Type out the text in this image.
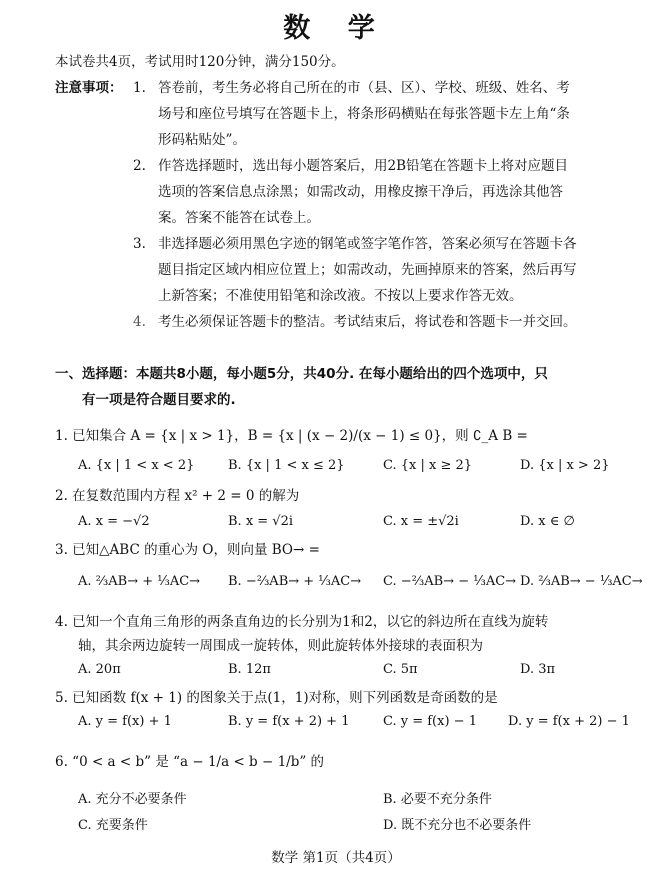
数 学
本试卷共4页，考试用时120分钟，满分150分。
注意事项： 1. 答卷前，考生务必将自己所在的市（县、区）、学校、班级、姓名、考
场号和座位号填写在答题卡上，将条形码横贴在每张答题卡左上角“条
形码粘贴处”。
2. 作答选择题时，选出每小题答案后，用2B铅笔在答题卡上将对应题目
选项的答案信息点涂黑；如需改动，用橡皮擦干净后，再选涂其他答
案。答案不能答在试卷上。
3. 非选择题必须用黑色字迹的钢笔或签字笔作答，答案必须写在答题卡各
题目指定区域内相应位置上；如需改动，先画掉原来的答案，然后再写
上新答案；不准使用铅笔和涂改液。不按以上要求作答无效。
4. 考生必须保证答题卡的整洁。考试结束后，将试卷和答题卡一并交回。
一、选择题：本题共8小题，每小题5分，共40分. 在每小题给出的四个选项中，只
有一项是符合题目要求的.
1. 已知集合 A = {x | x > 1}，B = {x | (x − 2)/(x − 1) ≤ 0}，则 ∁_A B =
A. {x | 1 < x < 2}	B. {x | 1 < x ≤ 2}	C. {x | x ≥ 2}	D. {x | x > 2}
2. 在复数范围内方程 x² + 2 = 0 的解为
A. x = −√2	B. x = √2i	C. x = ±√2i	D. x ∈ ∅
3. 已知△ABC 的重心为 O，则向量 BO→ =
A. ⅔AB→ + ⅓AC→ B. −⅔AB→ + ⅓AC→ C. −⅔AB→ − ⅓AC→ D. ⅔AB→ − ⅓AC→
4. 已知一个直角三角形的两条直角边的长分别为1和2，以它的斜边所在直线为旋转
轴，其余两边旋转一周围成一旋转体，则此旋转体外接球的表面积为
A. 20π	B. 12π	C. 5π	D. 3π
5. 已知函数 f(x + 1) 的图象关于点(1，1)对称，则下列函数是奇函数的是
A. y = f(x) + 1	B. y = f(x + 2) + 1	C. y = f(x) − 1 D. y = f(x + 2) − 1
6. “0 < a < b” 是 “a − 1/a < b − 1/b” 的
A. 充分不必要条件	B. 必要不充分条件
C. 充要条件	D. 既不充分也不必要条件
数学 第1页（共4页）
